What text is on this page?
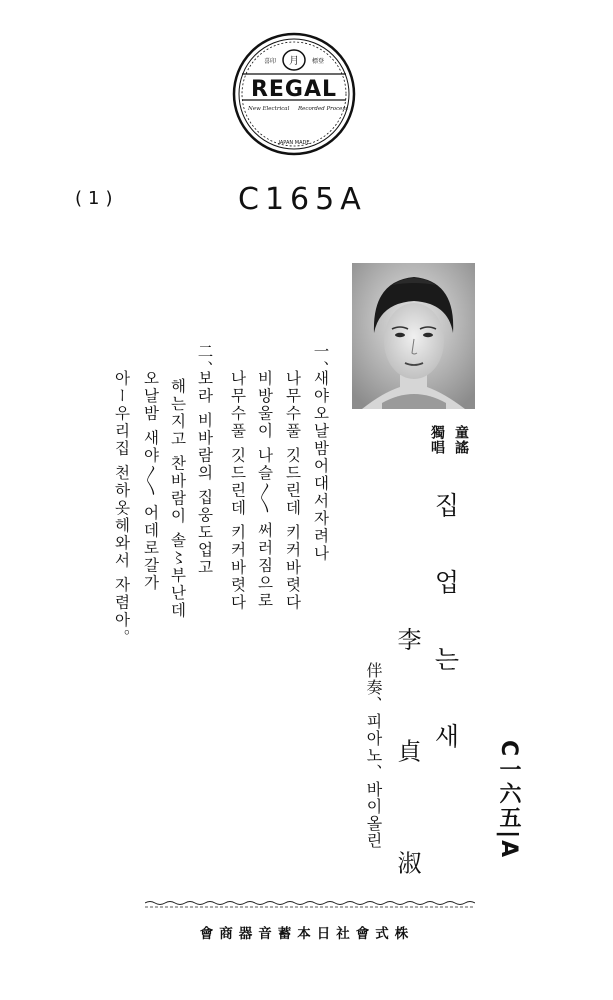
月
喜印	標登
REGAL
New Electrical Recorded Process
JAPAN MADE
(1)	C165A
一、
새야오날밤어대서자려나
나무수풀 깃드린데 키커바렷다
비방울이 나슬〳〵 써러짐으로
나무수풀 깃드린데 키커바렷다
二、
보라 비바람의 집웅도업고
해는지고 찬바람이 솔〻부난데
오날밤 새야〳〵 어데로갈가
아ー우리집 천하옷헤와서 자렴아。	童謠
獨唱
집 업 는 새
李 貞 淑
伴奏、피아노、바이올린	C一六五|A
會商器音蓄本日社會式株
